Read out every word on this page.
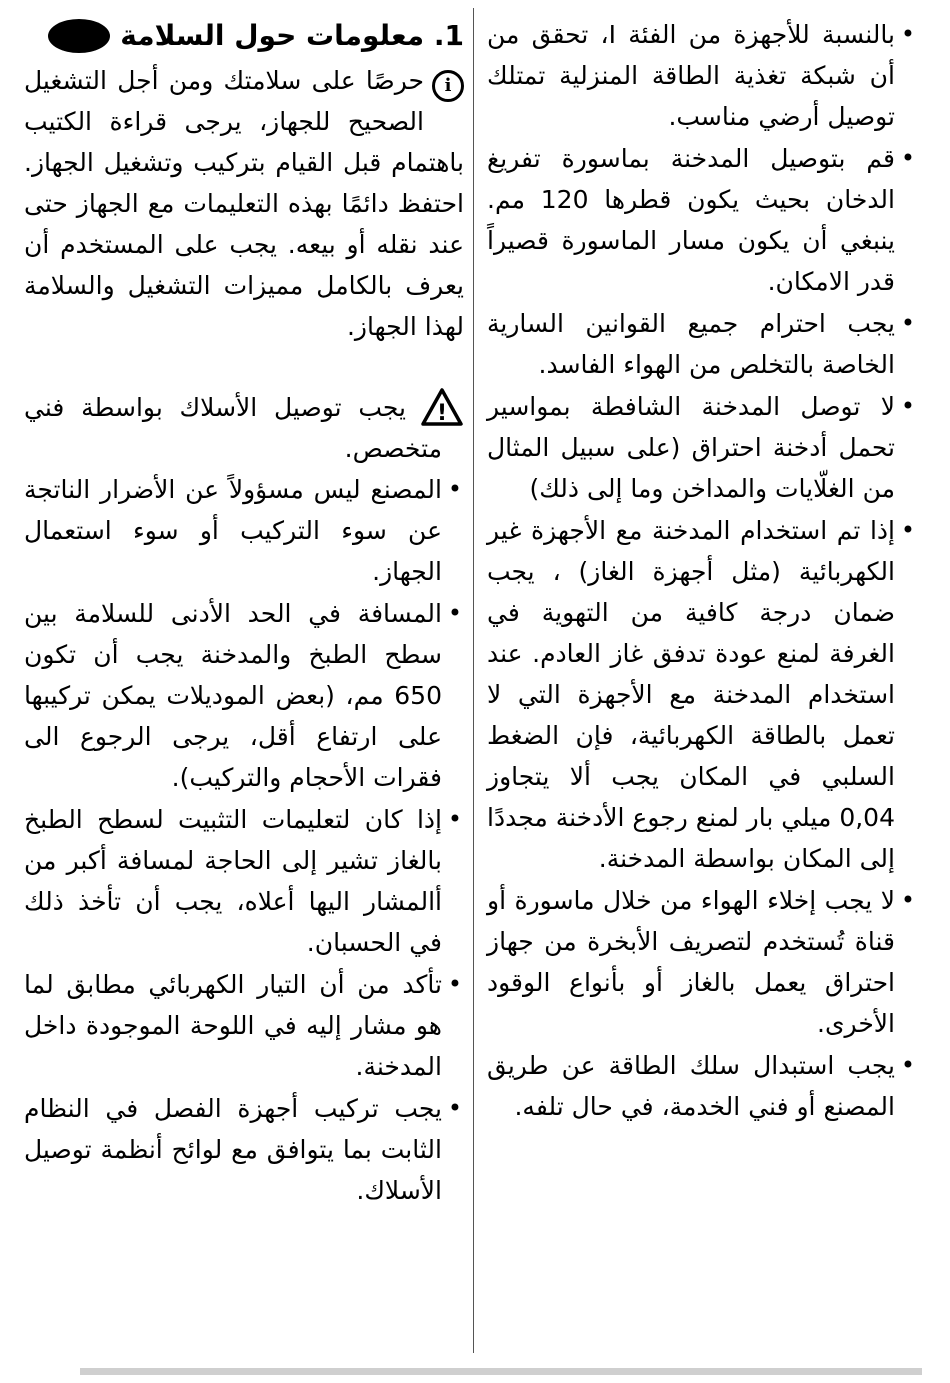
•
بالنسبة للأجهزة من الفئة I، تحقق من أن شبكة تغذية الطاقة المنزلية تمتلك توصيل أرضي مناسب.
•
قم بتوصيل المدخنة بماسورة تفريغ الدخان بحيث يكون قطرها 120 مم. ينبغي أن يكون مسار الماسورة قصيراً قدر الامكان.
•
يجب احترام جميع القوانين السارية الخاصة بالتخلص من الهواء الفاسد.
•
لا توصل المدخنة الشافطة بمواسير تحمل أدخنة احتراق (على سبيل المثال من الغلّايات والمداخن وما إلى ذلك)
•
إذا تم استخدام المدخنة مع الأجهزة غير الكهربائية (مثل أجهزة الغاز) ، يجب ضمان درجة كافية من التهوية في الغرفة لمنع عودة تدفق غاز العادم. عند استخدام المدخنة مع الأجهزة التي لا تعمل بالطاقة الكهربائية، فإن الضغط السلبي في المكان يجب ألا يتجاوز 0,04 ميلي بار لمنع رجوع الأدخنة مجددًا إلى المكان بواسطة المدخنة.
•
لا يجب إخلاء الهواء من خلال ماسورة أو قناة تُستخدم لتصريف الأبخرة من جهاز احتراق يعمل بالغاز أو بأنواع الوقود الأخرى.
•
يجب استبدال سلك الطاقة عن طريق المصنع أو فني الخدمة، في حال تلفه.
1. معلومات حول السلامة
i

حرصًا على سلامتك ومن أجل التشغيل الصحيح للجهاز، يرجى قراءة الكتيب باهتمام قبل القيام بتركيب وتشغيل الجهاز. احتفظ دائمًا بهذه التعليمات مع الجهاز حتى عند نقله أو بيعه. يجب على المستخدم أن يعرف بالكامل مميزات التشغيل والسلامة لهذا الجهاز.

!

يجب توصيل الأسلاك بواسطة فني متخصص.

•
المصنع ليس مسؤولاً عن الأضرار الناتجة عن سوء التركيب أو سوء استعمال الجهاز.
•
المسافة في الحد الأدنى للسلامة بين سطح الطبخ والمدخنة يجب أن تكون 650 مم، (بعض الموديلات يمكن تركيبها على ارتفاع أقل، يرجى الرجوع الى فقرات الأحجام والتركيب).
•
إذا كان لتعليمات التثبيت لسطح الطبخ بالغاز تشير إلى الحاجة لمسافة أكبر من أالمشار اليها أعلاه، يجب أن تأخذ ذلك في الحسبان.
•
تأكد من أن التيار الكهربائي مطابق لما هو مشار إليه في اللوحة الموجودة داخل المدخنة.
•
يجب تركيب أجهزة الفصل في النظام الثابت بما يتوافق مع لوائح أنظمة توصيل الأسلاك.
